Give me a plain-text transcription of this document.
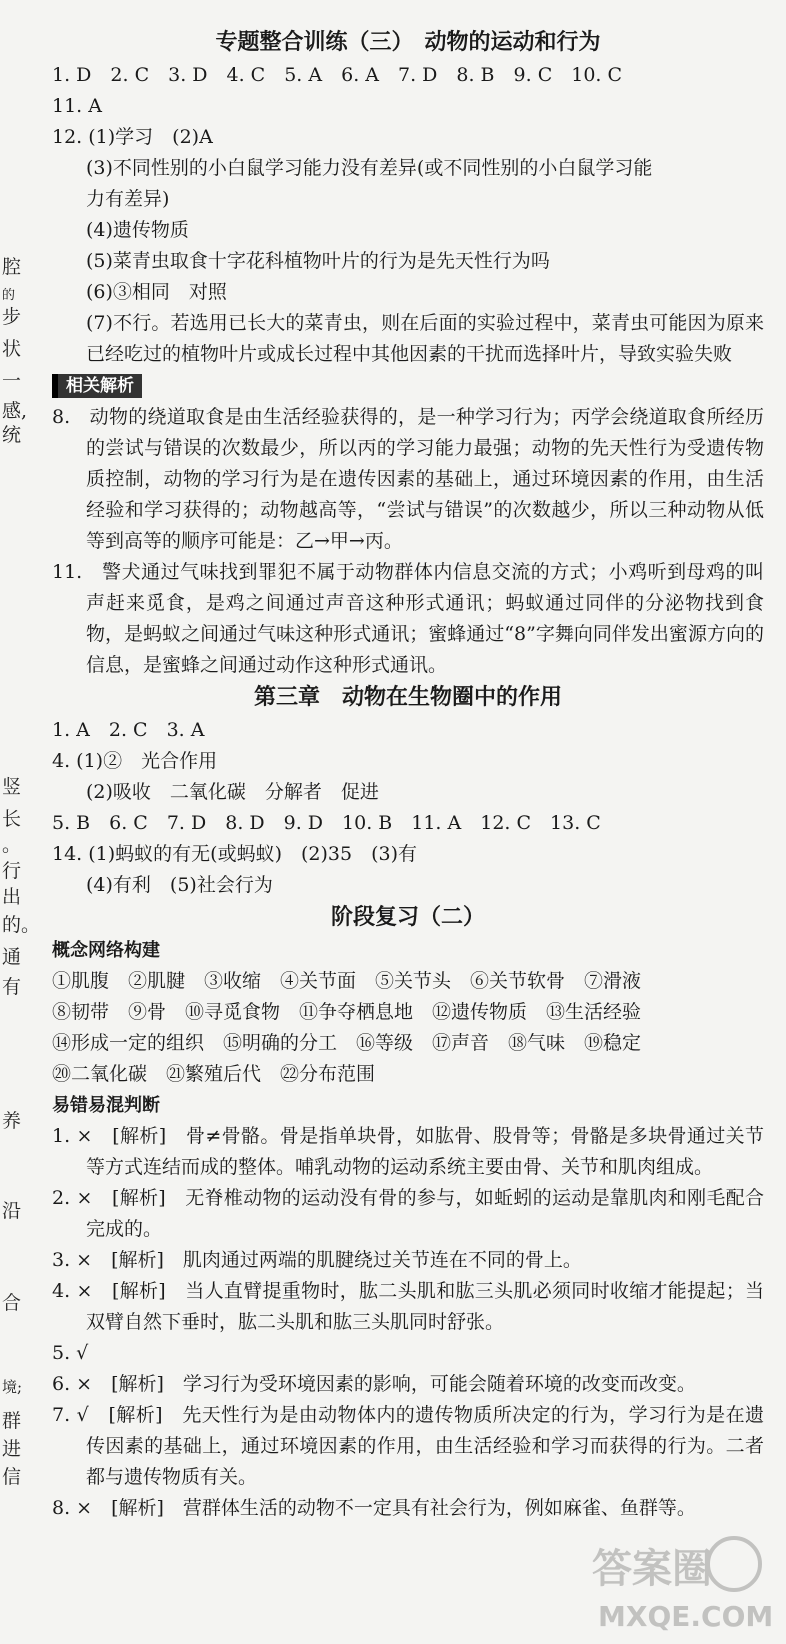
腔
的
步
状
一
感,
统
竖
长
。
行
出
的。
通
有
养
沿
合
境;
群
进
信
专题整合训练（三）　动物的运动和行为
1. D　2. C　3. D　4. C　5. A　6. A　7. D　8. B　9. C　10. C
11. A
12. (1)学习　(2)A
(3)不同性别的小白鼠学习能力没有差异(或不同性别的小白鼠学习能
力有差异)
(4)遗传物质
(5)菜青虫取食十字花科植物叶片的行为是先天性行为吗
(6)③相同　对照
(7)不行。若选用已长大的菜青虫，则在后面的实验过程中，菜青虫可能因为原来已经吃过的植物叶片或成长过程中其他因素的干扰而选择叶片，导致实验失败
相关解析
8.　动物的绕道取食是由生活经验获得的，是一种学习行为；丙学会绕道取食所经历的尝试与错误的次数最少，所以丙的学习能力最强；动物的先天性行为受遗传物质控制，动物的学习行为是在遗传因素的基础上，通过环境因素的作用，由生活经验和学习获得的；动物越高等，“尝试与错误”的次数越少，所以三种动物从低等到高等的顺序可能是：乙→甲→丙。
11.　警犬通过气味找到罪犯不属于动物群体内信息交流的方式；小鸡听到母鸡的叫声赶来觅食，是鸡之间通过声音这种形式通讯；蚂蚁通过同伴的分泌物找到食物，是蚂蚁之间通过气味这种形式通讯；蜜蜂通过“8”字舞向同伴发出蜜源方向的信息，是蜜蜂之间通过动作这种形式通讯。
第三章　动物在生物圈中的作用
1. A　2. C　3. A
4. (1)②　光合作用
(2)吸收　二氧化碳　分解者　促进
5. B　6. C　7. D　8. D　9. D　10. B　11. A　12. C　13. C
14. (1)蚂蚁的有无(或蚂蚁)　(2)35　(3)有
(4)有利　(5)社会行为
阶段复习（二）
概念网络构建
①肌腹　②肌腱　③收缩　④关节面　⑤关节头　⑥关节软骨　⑦滑液
⑧韧带　⑨骨　⑩寻觅食物　⑪争夺栖息地　⑫遗传物质　⑬生活经验
⑭形成一定的组织　⑮明确的分工　⑯等级　⑰声音　⑱气味　⑲稳定
⑳二氧化碳　㉑繁殖后代　㉒分布范围
易错易混判断
1. ×　[解析]　骨≠骨骼。骨是指单块骨，如肱骨、股骨等；骨骼是多块骨通过关节等方式连结而成的整体。哺乳动物的运动系统主要由骨、关节和肌肉组成。
2. ×　[解析]　无脊椎动物的运动没有骨的参与，如蚯蚓的运动是靠肌肉和刚毛配合完成的。
3. ×　[解析]　肌肉通过两端的肌腱绕过关节连在不同的骨上。
4. ×　[解析]　当人直臂提重物时，肱二头肌和肱三头肌必须同时收缩才能提起；当双臂自然下垂时，肱二头肌和肱三头肌同时舒张。
5. √
6. ×　[解析]　学习行为受环境因素的影响，可能会随着环境的改变而改变。
7. √　[解析]　先天性行为是由动物体内的遗传物质所决定的行为，学习行为是在遗传因素的基础上，通过环境因素的作用，由生活经验和学习而获得的行为。二者都与遗传物质有关。
8. ×　[解析]　营群体生活的动物不一定具有社会行为，例如麻雀、鱼群等。
答案圈
MXQE.COM
